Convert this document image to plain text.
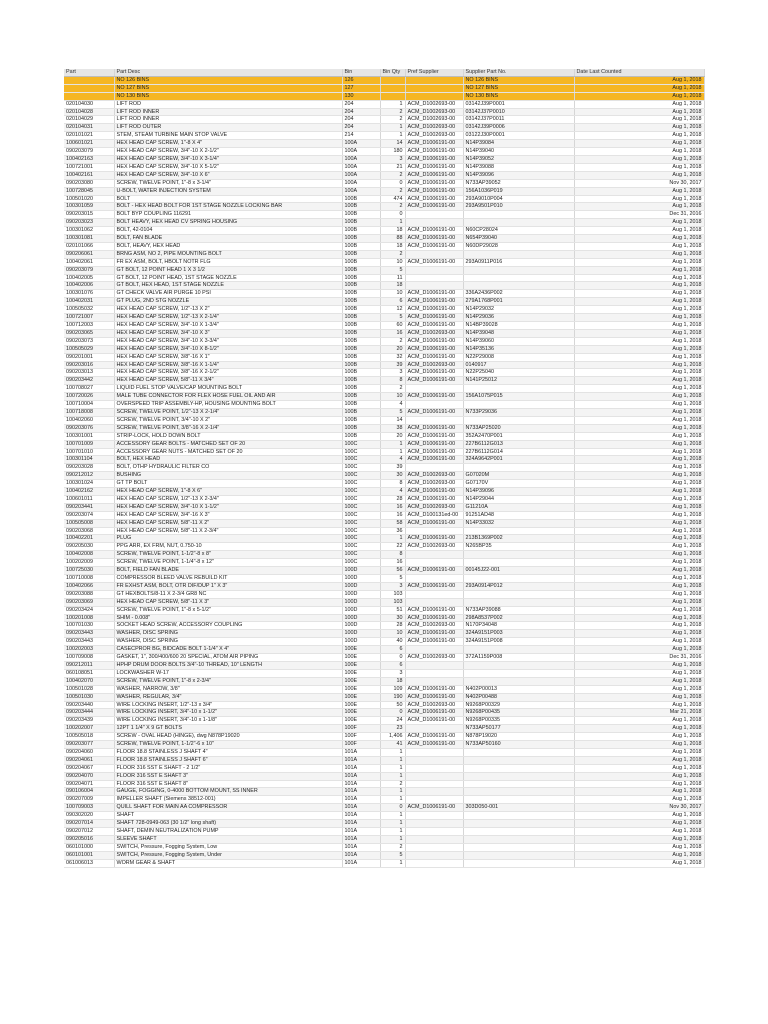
Part	Part Desc	Bin	Bin Qty	Pref Supplier	Supplier Part No.	Date Last Counted
	NO 126 BINS	126			NO 126 BINS	Aug 1, 2018
	NO 127 BINS	127			NO 127 BINS	Aug 1, 2018
	NO 130 BINS	130			NO 130 BINS	Aug 1, 2018
020104030	LIFT ROD	204	1	ACM_D1002693-00	03142J39P0001	Aug 1, 2018
020104028	LIFT ROD INNER	204	2	ACM_D1002693-00	03142J37P0010	Aug 1, 2018
020104029	LIFT ROD INNER	204	2	ACM_D1002693-00	03142J37P0011	Aug 1, 2018
020104031	LIFT ROD OUTER	204	1	ACM_D1002693-00	03142J39P0006	Aug 1, 2018
020101021	STEM, STEAM TURBINE MAIN STOP VALVE	214	1	ACM_D1002693-00	03122J30P0001	Aug 1, 2018
100601021	HEX HEAD CAP SCREW, 1"-8 X 4"	100A	14	ACM_D1006191-00	N14P39084	Aug 1, 2018
090203079	HEX HEAD CAP SCREW, 3/4"-10 X 2-1/2"	100A	180	ACM_D1006191-00	N14P39040	Aug 1, 2018
100402163	HEX HEAD CAP SCREW, 3/4"-10 X 3-1/4"	100A	3	ACM_D1006191-00	N14P39052	Aug 1, 2018
100721001	HEX HEAD CAP SCREW, 3/4"-10 X 5-1/2"	100A	21	ACM_D1006191-00	N14P39088	Aug 1, 2018
100402161	HEX HEAD CAP SCREW, 3/4"-10 X 6"	100A	2	ACM_D1006191-00	N14P39096	Aug 1, 2018
090203080	SCREW, TWELVE POINT, 1"-8 x 3-1/4"	100A	0	ACM_D1006191-00	N733AP39052	Nov 30, 2017
100728045	U-BOLT, WATER INJECTION SYSTEM	100A	2	ACM_D1006191-00	156A1036P019	Aug 1, 2018
100501020	BOLT	100B	474	ACM_D1006191-00	293A9010P004	Aug 1, 2018
100301059	BOLT - HEX HEAD BOLT FOR 1ST STAGE NOZZLE LOCKING BAR	100B	2	ACM_D1006191-00	293A9501P010	Aug 1, 2018
090203015	BOLT BYP COUPLING 116291	100B	0			Dec 31, 2016
090203023	BOLT HEAVY, HEX HEAD CV SPRING HOUSING	100B	1			Aug 1, 2018
100301062	BOLT, 42-0104	100B	18	ACM_D1006191-00	N60CP28024	Aug 1, 2018
100301081	BOLT, FAN BLADE	100B	88	ACM_D1006191-00	N654P39040	Aug 1, 2018
020101066	BOLT, HEAVY, HEX HEAD	100B	18	ACM_D1006191-00	N60DP29028	Aug 1, 2018
090206061	BRNG ASM, NO 2, PIPE MOUNTING BOLT	100B	2			Aug 1, 2018
100402061	FR EX ASM, BOLT, HBOLT NOTR FLG	100B	10	ACM_D1006191-00	293A0911P016	Aug 1, 2018
090203079	GT BOLT, 12 POINT HEAD 1 X 3 1/2	100B	5			Aug 1, 2018
100402005	GT BOLT, 12 POINT HEAD, 1ST STAGE NOZZLE	100B	11			Aug 1, 2018
100402006	GT BOLT, HEX HEAD, 1ST STAGE NOZZLE	100B	18			Aug 1, 2018
100301076	GT CHECK VALVE AIR PURGE 10 PSI	100B	10	ACM_D1006191-00	336A2436P002	Aug 1, 2018
100402031	GT PLUG, 2ND STG NOZZLE	100B	6	ACM_D1006191-00	279A1768P001	Aug 1, 2018
100505032	HEX HEAD CAP SCREW, 1/2"-13 X 2"	100B	12	ACM_D1006191-00	N14P29032	Aug 1, 2018
100721007	HEX HEAD CAP SCREW, 1/2"-13 X 2-1/4"	100B	5	ACM_D1006191-00	N14P29036	Aug 1, 2018
100712003	HEX HEAD CAP SCREW, 3/4"-10 X 1-3/4"	100B	60	ACM_D1006191-00	N14BP39028	Aug 1, 2018
090203065	HEX HEAD CAP SCREW, 3/4"-10 X 3"	100B	16	ACM_D1002693-00	N14P39048	Aug 1, 2018
090203073	HEX HEAD CAP SCREW, 3/4"-10 X 3-3/4"	100B	2	ACM_D1006191-00	N14P39060	Aug 1, 2018
100505029	HEX HEAD CAP SCREW, 3/4"-10 X 8-1/2"	100B	20	ACM_D1006191-00	N14P35136	Aug 1, 2018
090201001	HEX HEAD CAP SCREW, 3/8"-16 X 1"	100B	32	ACM_D1006191-00	N22P29008	Aug 1, 2018
090203016	HEX HEAD CAP SCREW, 3/8"-16 X 1-1/4"	100B	39	ACM_D1002693-00	0140917	Aug 1, 2018
090203013	HEX HEAD CAP SCREW, 3/8"-16 X 2-1/2"	100B	3	ACM_D1006191-00	N22P25040	Aug 1, 2018
090203442	HEX HEAD CAP SCREW, 5/8"-11 X 3/4"	100B	8	ACM_D1006191-00	N141P25012	Aug 1, 2018
100708027	LIQUID FUEL STOP VALVE/CAP MOUNTING BOLT	100B	2			Aug 1, 2018
100720026	MALE TUBE CONNECTOR FOR FLEX HOSE FUEL OIL AND AIR	100B	10	ACM_D1006191-00	156A1075P015	Aug 1, 2018
100710004	OVERSPEED TRIP ASSEMBLY-HP, HOUSING MOUNTING BOLT	100B	4			Aug 1, 2018
100718008	SCREW, TWELVE POINT, 1/2"-13 X 2-1/4"	100B	5	ACM_D1006191-00	N733P29036	Aug 1, 2018
100402060	SCREW, TWELVE POINT, 3/4"-10 X 2"	100B	14			Aug 1, 2018
090203076	SCREW, TWELVE POINT, 3/8"-16 X 2-1/4"	100B	38	ACM_D1006191-00	N733AP25020	Aug 1, 2018
100301001	STRIP-LOCK, HOLD DOWN BOLT	100B	20	ACM_D1006191-00	352A2470P001	Aug 1, 2018
100701009	ACCESSORY GEAR BOLTS - MATCHED SET OF 20	100C	1	ACM_D1006191-00	227B6112G013	Aug 1, 2018
100701010	ACCESSORY GEAR NUTS - MATCHED SET OF 20	100C	1	ACM_D1006191-00	227B6112G014	Aug 1, 2018
100301104	BOLT, HEX HEAD	100C	4	ACM_D1006191-00	324A9642P001	Aug 1, 2018
090203028	BOLT, OTHP HYDRAULIC FILTER CO	100C	39			Aug 1, 2018
090212012	BUSHING	100C	30	ACM_D1002693-00	G07020M	Aug 1, 2018
100301024	GT TP BOLT	100C	8	ACM_D1002693-00	G07170V	Aug 1, 2018
100402162	HEX HEAD CAP SCREW, 1"-8 X 6"	100C	4	ACM_D1006191-00	N14P39096	Aug 1, 2018
100601011	HEX HEAD CAP SCREW, 1/2"-13 X 2-3/4"	100C	28	ACM_D1006191-00	N14P29044	Aug 1, 2018
090203441	HEX HEAD CAP SCREW, 3/4"-10 X 1-1/2"	100C	16	ACM_D1002693-00	G11210A	Aug 1, 2018
090203074	HEX HEAD CAP SCREW, 3/4"-16 X 3"	100C	16	ACM_D100131ed-00	91251AD48	Aug 1, 2018
100505008	HEX HEAD CAP SCREW, 5/8"-11 X 2"	100C	58	ACM_D1006191-00	N14P33032	Aug 1, 2018
090203068	HEX HEAD CAP SCREW, 5/8"-11 X 2-3/4"	100C	36			Aug 1, 2018
100402201	PLUG	100C	1	ACM_D1006191-00	213B1369P002	Aug 1, 2018
090205030	PPG ARR, EX FRM, NUT, 0.750-10	100C	22	ACM_D1002693-00	N265BP35	Aug 1, 2018
100402008	SCREW, TWELVE POINT, 1-1/2"-8 x 8"	100C	8			Aug 1, 2018
100202009	SCREW, TWELVE POINT, 1-1/4"-8 x 12"	100C	16			Aug 1, 2018
100725030	BOLT, FIELD FAN BLADE	100D	56	ACM_D1006191-00	00145J22-001	Aug 1, 2018
100710008	COMPRESSOR BLEED VALVE REBUILD KIT	100D	5			Aug 1, 2018
100402066	FR EXHST ASM, BOLT, OTR DIF/DUP 1" X 3"	100D	3	ACM_D1006191-00	293A0914P012	Aug 1, 2018
090203088	GT HEXBOLTS/8-11 X 2-3/4 GR8 NC	100D	103			Aug 1, 2018
090203069	HEX HEAD CAP SCREW, 5/8"-11 X 3"	100D	103			Aug 1, 2018
090203424	SCREW, TWELVE POINT, 1"-8 x 5-1/2"	100D	51	ACM_D1006191-00	N733AP39088	Aug 1, 2018
100201008	SHIM - 0.008"	100D	30	ACM_D1006191-00	298A8537P002	Aug 1, 2018
100701030	SOCKET HEAD SCREW, ACCESSORY COUPLING	100D	28	ACM_D1002693-00	N170P34048	Aug 1, 2018
090203443	WASHER, DISC SPRING	100D	10	ACM_D1006191-00	324A9151P003	Aug 1, 2018
090203443	WASHER, DISC SPRING	100D	40	ACM_D1006191-00	324A9151P008	Aug 1, 2018
100202003	CASECPROR BG, BIDCADE BOLT 1-1/4" X 4"	100E	6			Aug 1, 2018
100709008	GASKET, 1", 300/400/600 20 SPECIAL, ATOM AIR PIPING	100E	0	ACM_D1002693-00	372A1159P008	Dec 31, 2016
090212011	HPHP DRUM DOOR BOLTS 3/4"-10 THREAD, 10" LENGTH	100E	6			Aug 1, 2018
060108051	LOCKWASHER W-17	100E	3			Aug 1, 2018
100402070	SCREW, TWELVE POINT, 1"-8 x 2-3/4"	100E	18			Aug 1, 2018
100501028	WASHER, NARROW, 3/8"	100E	109	ACM_D1006191-00	N402P00013	Aug 1, 2018
100501030	WASHER, REGULAR, 3/4"	100E	190	ACM_D1006191-00	N402P00488	Aug 1, 2018
090203440	WIRE LOCKING INSERT, 1/2"-13 x 3/4"	100E	50	ACM_D1002693-00	N9268P00329	Aug 1, 2018
090203444	WIRE LOCKING INSERT, 3/4"-10 x 1-1/2"	100E	0	ACM_D1006191-00	N9268P00435	Mar 21, 2018
090203439	WIRE LOCKING INSERT, 3/4"-10 x 1-1/8"	100E	24	ACM_D1006191-00	N9268P00335	Aug 1, 2018
100202007	12PT 1 1/4" X 9 GT BOLTS	100F	23		N733AP50177	Aug 1, 2018
100505018	SCREW - OVAL HEAD (HINGE), dwg N878P19020	100F	1,406	ACM_D1006191-00	N878P19020	Aug 1, 2018
090203077	SCREW, TWELVE POINT, 1-1/2"-6 x 10"	100F	41	ACM_D1006191-00	N733AP50160	Aug 1, 2018
090204060	FLOOR 18.8 STAINLESS J SHAFT 4"	101A	1			Aug 1, 2018
090204061	FLOOR 18.8 STAINLESS J SHAFT 6"	101A	1			Aug 1, 2018
090204067	FLOOR 316 SST E SHAFT - 2 1/2"	101A	1			Aug 1, 2018
090204070	FLOOR 316 SST E SHAFT 3"	101A	1			Aug 1, 2018
090204071	FLOOR 316 SST E SHAFT 8"	101A	2			Aug 1, 2018
090106004	GAUGE, FOGGING, 0-4000 BOTTOM MOUNT, SS INNER	101A	1			Aug 1, 2018
090207009	IMPELLER SHAFT (Siemens 38512-001)	101A	1			Aug 1, 2018
100709003	QUILL SHAFT FOR MAIN AA COMPRESSOR	101A	0	ACM_D1006191-00	303D050-001	Nov 30, 2017
090302020	SHAFT	101A	1			Aug 1, 2018
090207014	SHAFT 728-0949-063 (30 1/2" long shaft)	101A	1			Aug 1, 2018
090207012	SHAFT, DEMIN NEUTRALIZATION PUMP	101A	1			Aug 1, 2018
090205016	SLEEVE SHAFT	101A	1			Aug 1, 2018
060101000	SWITCH, Pressure, Fogging System, Low	101A	2			Aug 1, 2018
060101001	SWITCH, Pressure, Fogging System, Under	101A	5			Aug 1, 2018
061006013	WORM GEAR & SHAFT	101A	1			Aug 1, 2018
